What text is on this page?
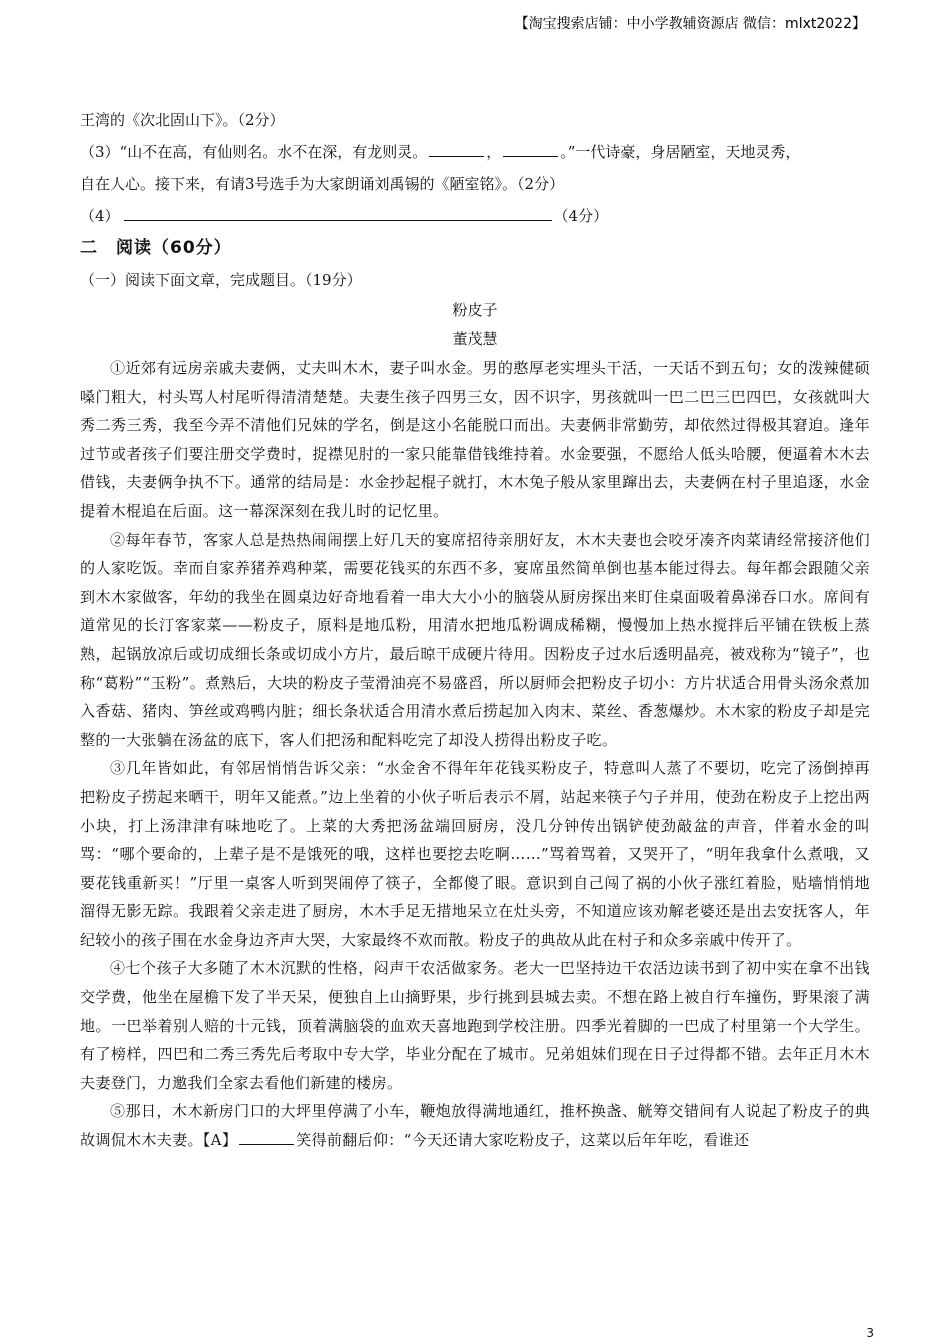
【淘宝搜索店铺：中小学教辅资源店 微信：mlxt2022】
王湾的《次北固山下》。（2分）
（3）“山不在高，有仙则名。水不在深，有龙则灵。	，	。”一代诗豪，身居陋室，天地灵秀，
自在人心。接下来，有请3号选手为大家朗诵刘禹锡的《陋室铭》。（2分）
（4）	（4分）
二　阅读（60分）
（一）阅读下面文章，完成题目。（19分）
粉皮子
董茂慧

①近郊有远房亲戚夫妻俩，丈夫叫木木，妻子叫水金。男的憨厚老实埋头干活，一天话不到五句；女的泼辣健硕嗓门粗大，村头骂人村尾听得清清楚楚。夫妻生孩子四男三女，因不识字，男孩就叫一巴二巴三巴四巴，女孩就叫大秀二秀三秀，我至今弄不清他们兄妹的学名，倒是这小名能脱口而出。夫妻俩非常勤劳，却依然过得极其窘迫。逢年过节或者孩子们要注册交学费时，捉襟见肘的一家只能靠借钱维持着。水金要强，不愿给人低头哈腰，便逼着木木去借钱，夫妻俩争执不下。通常的结局是：水金抄起棍子就打，木木兔子般从家里蹿出去，夫妻俩在村子里追逐，水金提着木棍追在后面。这一幕深深刻在我儿时的记忆里。

②每年春节，客家人总是热热闹闹摆上好几天的宴席招待亲朋好友，木木夫妻也会咬牙凑齐肉菜请经常接济他们的人家吃饭。幸而自家养猪养鸡种菜，需要花钱买的东西不多，宴席虽然简单倒也基本能过得去。每年都会跟随父亲到木木家做客，年幼的我坐在圆桌边好奇地看着一串大大小小的脑袋从厨房探出来盯住桌面吸着鼻涕吞口水。席间有道常见的长汀客家菜——粉皮子，原料是地瓜粉，用清水把地瓜粉调成稀糊，慢慢加上热水搅拌后平铺在铁板上蒸熟，起锅放凉后或切成细长条或切成小方片，最后晾干成硬片待用。因粉皮子过水后透明晶亮，被戏称为“镜子”，也称“葛粉”“玉粉”。煮熟后，大块的粉皮子莹滑油亮不易盛舀，所以厨师会把粉皮子切小：方片状适合用骨头汤氽煮加入香菇、猪肉、笋丝或鸡鸭内脏；细长条状适合用清水煮后捞起加入肉末、菜丝、香葱爆炒。木木家的粉皮子却是完整的一大张躺在汤盆的底下，客人们把汤和配料吃完了却没人捞得出粉皮子吃。

③几年皆如此，有邻居悄悄告诉父亲：“水金舍不得年年花钱买粉皮子，特意叫人蒸了不要切，吃完了汤倒掉再把粉皮子捞起来晒干，明年又能煮。”边上坐着的小伙子听后表示不屑，站起来筷子勺子并用，使劲在粉皮子上挖出两小块，打上汤津津有味地吃了。上菜的大秀把汤盆端回厨房，没几分钟传出锅铲使劲敲盆的声音，伴着水金的叫骂：“哪个要命的，上辈子是不是饿死的哦，这样也要挖去吃啊……”骂着骂着，又哭开了，“明年我拿什么煮哦，又要花钱重新买！”厅里一桌客人听到哭闹停了筷子，全都傻了眼。意识到自己闯了祸的小伙子涨红着脸，贴墙悄悄地溜得无影无踪。我跟着父亲走进了厨房，木木手足无措地呆立在灶头旁，不知道应该劝解老婆还是出去安抚客人，年纪较小的孩子围在水金身边齐声大哭，大家最终不欢而散。粉皮子的典故从此在村子和众多亲戚中传开了。

④七个孩子大多随了木木沉默的性格，闷声干农活做家务。老大一巴坚持边干农活边读书到了初中实在拿不出钱交学费，他坐在屋檐下发了半天呆，便独自上山摘野果，步行挑到县城去卖。不想在路上被自行车撞伤，野果滚了满地。一巴举着别人赔的十元钱，顶着满脑袋的血欢天喜地跑到学校注册。四季光着脚的一巴成了村里第一个大学生。有了榜样，四巴和二秀三秀先后考取中专大学，毕业分配在了城市。兄弟姐妹们现在日子过得都不错。去年正月木木夫妻登门，力邀我们全家去看他们新建的楼房。

⑤那日，木木新房门口的大坪里停满了小车，鞭炮放得满地通红，推杯换盏、觥筹交错间有人说起了粉皮子的典故调侃木木夫妻。【A】	笑得前翻后仰：“今天还请大家吃粉皮子，这菜以后年年吃，看谁还

3
